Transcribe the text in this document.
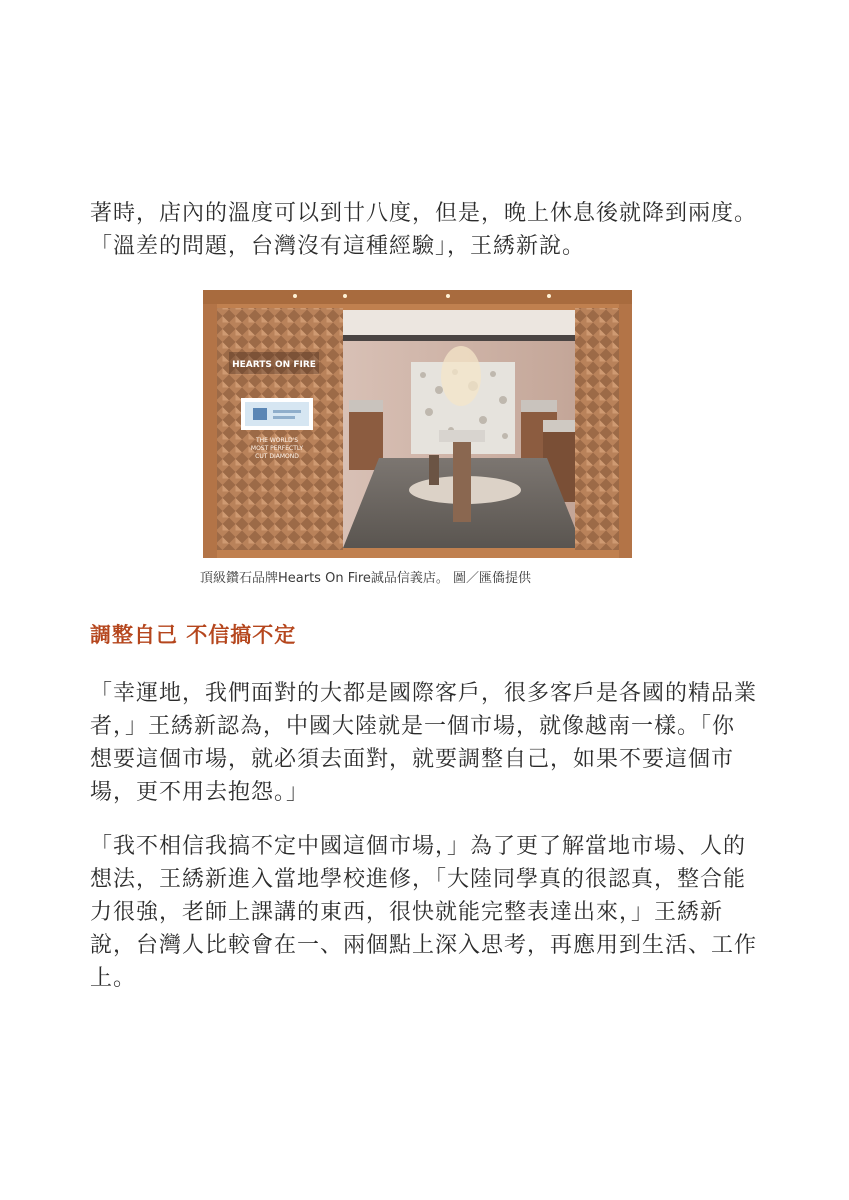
著時，店內的溫度可以到廿八度，但是，晚上休息後就降到兩度。
「溫差的問題，台灣沒有這種經驗」，王綉新說。

HEARTS ON FIRE
THE WORLD'S
MOST PERFECTLY
CUT DIAMOND
頂級鑽石品牌Hearts On Fire誠品信義店。 圖／匯僑提供
調整自己 不信搞不定

「幸運地，我們面對的大都是國際客戶，很多客戶是各國的精品業
者，」王綉新認為，中國大陸就是一個市場，就像越南一樣。「你
想要這個市場，就必須去面對，就要調整自己，如果不要這個市
場，更不用去抱怨。」

「我不相信我搞不定中國這個市場，」為了更了解當地市場、人的
想法，王綉新進入當地學校進修，「大陸同學真的很認真，整合能
力很強，老師上課講的東西，很快就能完整表達出來，」王綉新
說，台灣人比較會在一、兩個點上深入思考，再應用到生活、工作
上。
